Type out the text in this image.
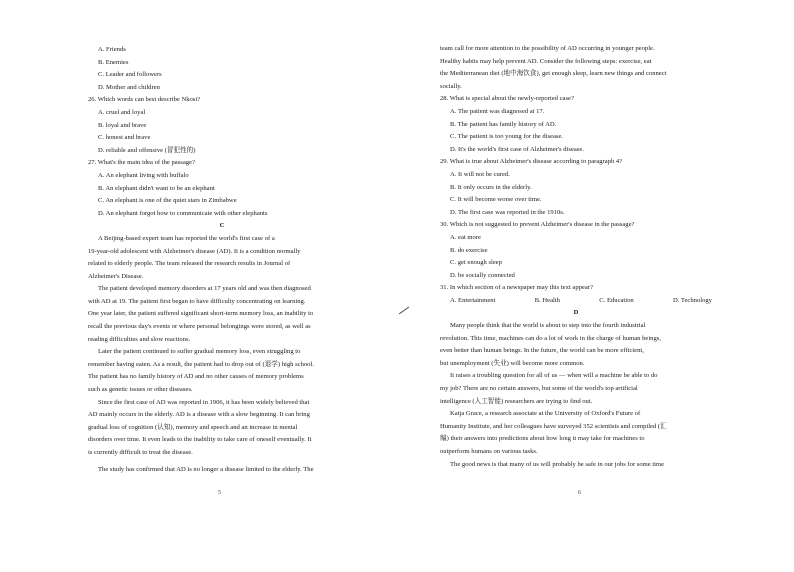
A. Friends
B. Enemies
C. Leader and followers
D. Mother and children
26. Which words can best describe Nkosi?
A. cruel and loyal
B. loyal and brave
C. honest and brave
D. reliable and offensive (冒犯性的)
27. What's the main idea of the passage?
A. An elephant living with buffalo
B. An elephant didn't want to be an elephant
C. An elephant is one of the quiet stars in Zimbabwe
D. An elephant forgot how to communicate with other elephants
C
A Beijing-based expert team has reported the world's first case of a
19-year-old adolescent with Alzheimer's disease (AD). It is a condition normally
related to elderly people. The team released the research results in Journal of
Alzheimer's Disease.
The patient developed memory disorders at 17 years old and was then diagnosed
with AD at 19. The patient first began to have difficulty concentrating on learning.
One year later, the patient suffered significant short-term memory loss, an inability to
recall the previous day's events or where personal belongings were stored, as well as
reading difficulties and slow reactions.
Later the patient continued to suffer gradual memory loss, even struggling to
remember having eaten. As a result, the patient had to drop out of (退学) high school.
The patient has no family history of AD and no other causes of memory problems
such as genetic issues or other diseases.
Since the first case of AD was reported in 1906, it has been widely believed that
AD mainly occurs in the elderly. AD is a disease with a slow beginning. It can bring
gradual loss of cognition (认知), memory and speech and an increase in mental
disorders over time. It even leads to the inability to take care of oneself eventually. It
is currently difficult to treat the disease.
The study has confirmed that AD is no longer a disease limited to the elderly. The
5
team call for more attention to the possibility of AD occurring in younger people.
Healthy habits may help prevent AD. Consider the following steps: exercise, eat
the Mediterranean diet (地中海饮食), get enough sleep, learn new things and connect
socially.
28. What is special about the newly-reported case?
A. The patient was diagnosed at 17.
B. The patient has family history of AD.
C. The patient is too young for the disease.
D. It's the world's first case of Alzheimer's disease.
29. What is true about Alzheimer's disease according to paragraph 4?
A. It will not be cured.
B. It only occurs in the elderly.
C. It will become worse over time.
D. The first case was reported in the 1910s.
30. Which is not suggested to prevent Alzheimer's disease in the passage?
A. eat more
B. do exercise
C. get enough sleep
D. be socially connected
31. In which section of a newspaper may this text appear?
A. Entertainment	B. Health	C. Education	D. Technology
D
Many people think that the world is about to step into the fourth industrial
revolution. This time, machines can do a lot of work in the charge of human beings,
even better than human beings. In the future, the world can be more efficient,
but unemployment (失业) will become more common.
It raises a troubling question for all of us — when will a machine be able to do
my job? There are no certain answers, but some of the world's top artificial
intelligence (人工智能) researchers are trying to find out.
Katja Grace, a research associate at the University of Oxford's Future of
Humanity Institute, and her colleagues have surveyed 352 scientists and compiled (汇
编) their answers into predictions about how long it may take for machines to
outperform humans on various tasks.
The good news is that many of us will probably be safe in our jobs for some time
6
